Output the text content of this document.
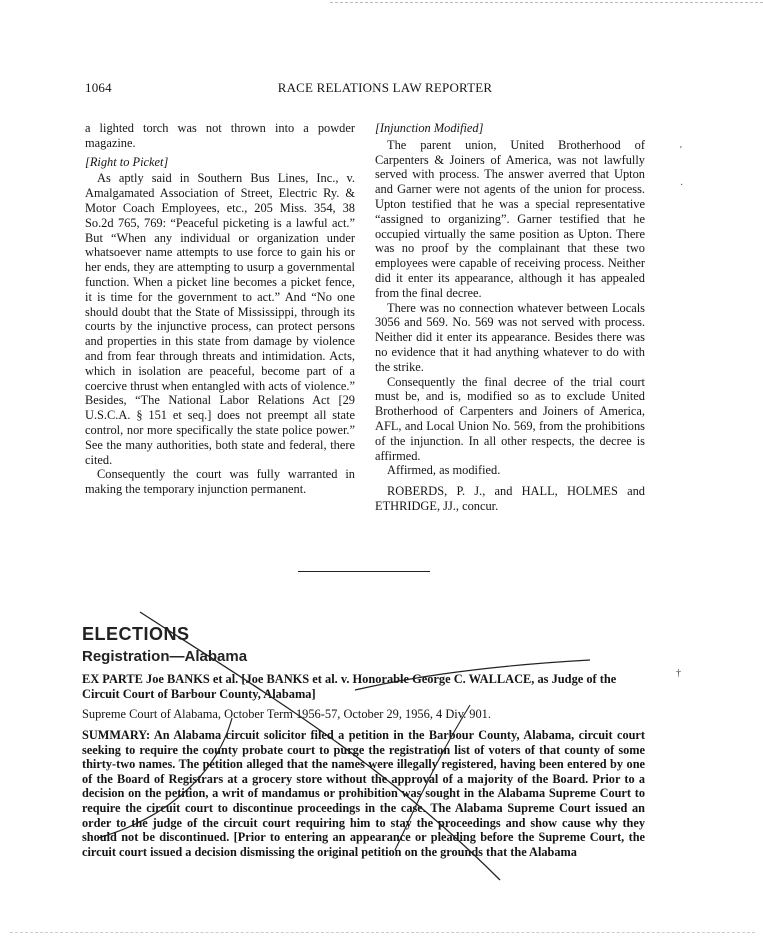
1064	RACE RELATIONS LAW REPORTER

a lighted torch was not thrown into a powder magazine.

[Right to Picket]

As aptly said in Southern Bus Lines, Inc., v. Amalgamated Association of Street, Electric Ry. & Motor Coach Employees, etc., 205 Miss. 354, 38 So.2d 765, 769: “Peaceful picketing is a lawful act.” But “When any individual or organization under whatsoever name attempts to use force to gain his or her ends, they are attempting to usurp a governmental function. When a picket line becomes a picket fence, it is time for the government to act.” And “No one should doubt that the State of Mississippi, through its courts by the injunctive process, can protect persons and properties in this state from damage by violence and from fear through threats and intimidation. Acts, which in isolation are peaceful, become part of a coercive thrust when entangled with acts of violence.” Besides, “The National Labor Relations Act [29 U.S.C.A. § 151 et seq.] does not preempt all state control, nor more specifically the state police power.” See the many authorities, both state and federal, there cited.

Consequently the court was fully warranted in making the temporary injunction permanent.

[Injunction Modified]

The parent union, United Brotherhood of Carpenters & Joiners of America, was not lawfully served with process. The answer averred that Upton and Garner were not agents of the union for process. Upton testified that he was a special representative “assigned to organizing”. Garner testified that he occupied virtually the same position as Upton. There was no proof by the complainant that these two employees were capable of receiving process. Neither did it enter its appearance, although it has appealed from the final decree.

There was no connection whatever between Locals 3056 and 569. No. 569 was not served with process. Neither did it enter its appearance. Besides there was no evidence that it had anything whatever to do with the strike.

Consequently the final decree of the trial court must be, and is, modified so as to exclude United Brotherhood of Carpenters and Joiners of America, AFL, and Local Union No. 569, from the prohibitions of the injunction. In all other respects, the decree is affirmed.

Affirmed, as modified.

ROBERDS, P. J., and HALL, HOLMES and ETHRIDGE, JJ., concur.

ELECTIONS
Registration—Alabama
EX PARTE Joe BANKS et al. [Joe BANKS et al. v. Honorable George C. WALLACE, as Judge of the Circuit Court of Barbour County, Alabama]
Supreme Court of Alabama, October Term 1956-57, October 29, 1956, 4 Div. 901.
SUMMARY: An Alabama circuit solicitor filed a petition in the Barbour County, Alabama, circuit court seeking to require the county probate court to purge the registration list of voters of that county of some thirty-two names. The petition alleged that the names were illegally registered, having been entered by one of the Board of Registrars at a grocery store without the approval of a majority of the Board. Prior to a decision on the petition, a writ of mandamus or prohibition was sought in the Alabama Supreme Court to require the circuit court to discontinue proceedings in the case. The Alabama Supreme Court issued an order to the judge of the circuit court requiring him to stay the proceedings and show cause why they should not be discontinued. [Prior to entering an appearance or pleading before the Supreme Court, the circuit court issued a decision dismissing the original petition on the grounds that the Alabama
'
·
†
